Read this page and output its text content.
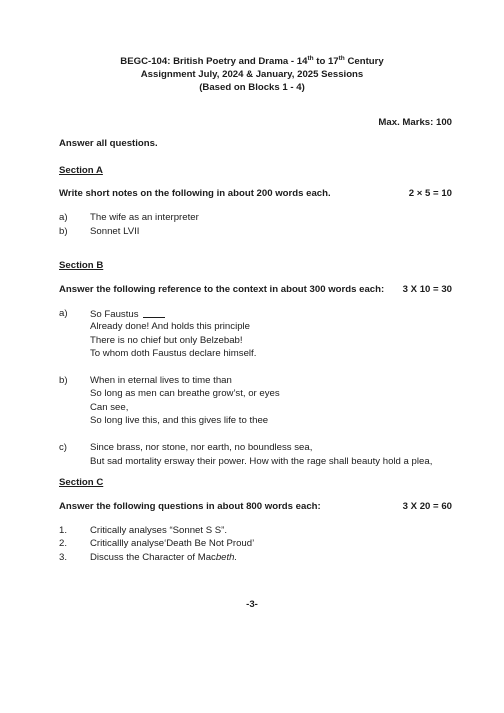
BEGC-104: British Poetry and Drama - 14th to 17th Century
Assignment July, 2024 & January, 2025 Sessions
(Based on Blocks 1 - 4)
Max. Marks: 100
Answer all questions.
Section A
Write short notes on the following in about 200 words each.	2 × 5 = 10
a) The wife as an interpreter
b) Sonnet LVII
Section B
Answer the following reference to the context in about 300 words each: 3 X 10 = 30
a) So Faustus
Already done! And holds this principle
There is no chief but only Belzebab!
To whom doth Faustus declare himself.
b) When in eternal lives to time than
So long as men can breathe grow’st, or eyes
Can see,
So long live this, and this gives life to thee
c) Since brass, nor stone, nor earth, no boundless sea,
But sad mortality ersway their power. How with the rage shall beauty hold a plea,
Section C
Answer the following questions in about 800 words each:	3 X 20 = 60
1. Critically analyses “Sonnet S S”.
2. Criticallly analyse‘Death Be Not Proud’
3. Discuss the Character of Macbeth.
-3-
